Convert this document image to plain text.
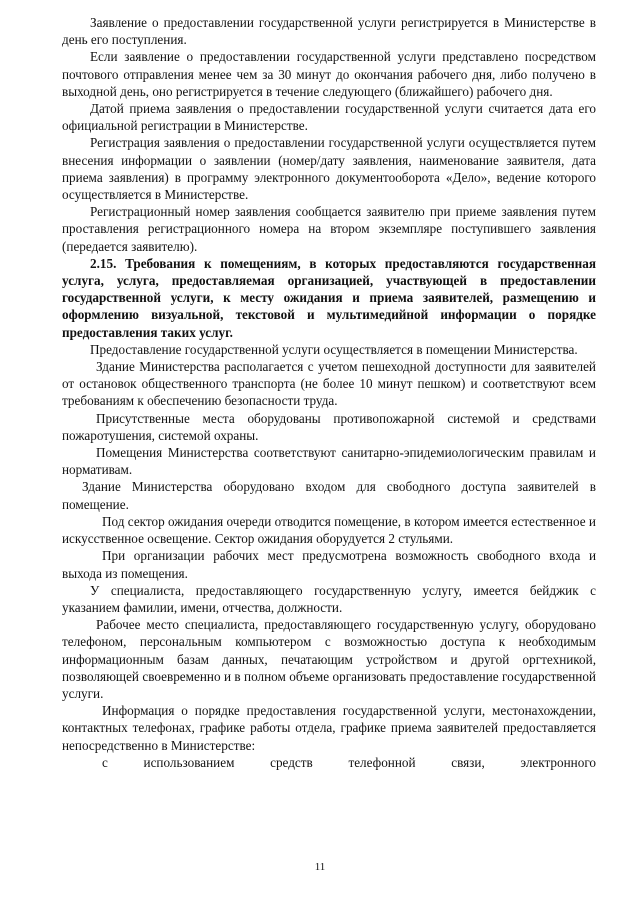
Заявление о предоставлении государственной услуги регистрируется в Министерстве в день его поступления.

Если заявление о предоставлении государственной услуги представлено посредством почтового отправления менее чем за 30 минут до окончания рабочего дня, либо получено в выходной день, оно регистрируется в течение следующего (ближайшего) рабочего дня.

Датой приема заявления о предоставлении государственной услуги считается дата его официальной регистрации в Министерстве.

Регистрация заявления о предоставлении государственной услуги осуществляется путем внесения информации о заявлении (номер/дату заявления, наименование заявителя, дата приема заявления) в программу электронного документооборота «Дело», ведение которого осуществляется в Министерстве.

Регистрационный номер заявления сообщается заявителю при приеме заявления путем проставления регистрационного номера на втором экземпляре поступившего заявления (передается заявителю).

2.15. Требования к помещениям, в которых предоставляются государственная услуга, услуга, предоставляемая организацией, участвующей в предоставлении государственной услуги, к месту ожидания и приема заявителей, размещению и оформлению визуальной, текстовой и мультимедийной информации о порядке предоставления таких услуг.

Предоставление государственной услуги осуществляется в помещении Министерства.

Здание Министерства располагается с учетом пешеходной доступности для заявителей от остановок общественного транспорта (не более 10 минут пешком) и соответствуют всем требованиям к обеспечению безопасности труда.

Присутственные места оборудованы противопожарной системой и средствами пожаротушения, системой охраны.

Помещения Министерства соответствуют санитарно-эпидемиологическим правилам и нормативам.

Здание Министерства оборудовано входом для свободного доступа заявителей в помещение.

Под сектор ожидания очереди отводится помещение, в котором имеется естественное и искусственное освещение. Сектор ожидания оборудуется 2 стульями.

При организации рабочих мест предусмотрена возможность свободного входа и выхода из помещения.

У специалиста, предоставляющего государственную услугу, имеется бейджик с указанием фамилии, имени, отчества, должности.

Рабочее место специалиста, предоставляющего государственную услугу, оборудовано телефоном, персональным компьютером с возможностью доступа к необходимым информационным базам данных, печатающим устройством и другой оргтехникой, позволяющей своевременно и в полном объеме организовать предоставление государственной услуги.

Информация о порядке предоставления государственной услуги, местонахождении, контактных телефонах, графике работы отдела, графике приема заявителей предоставляется непосредственно в Министерстве:

с использованием средств телефонной связи, электронного

11
